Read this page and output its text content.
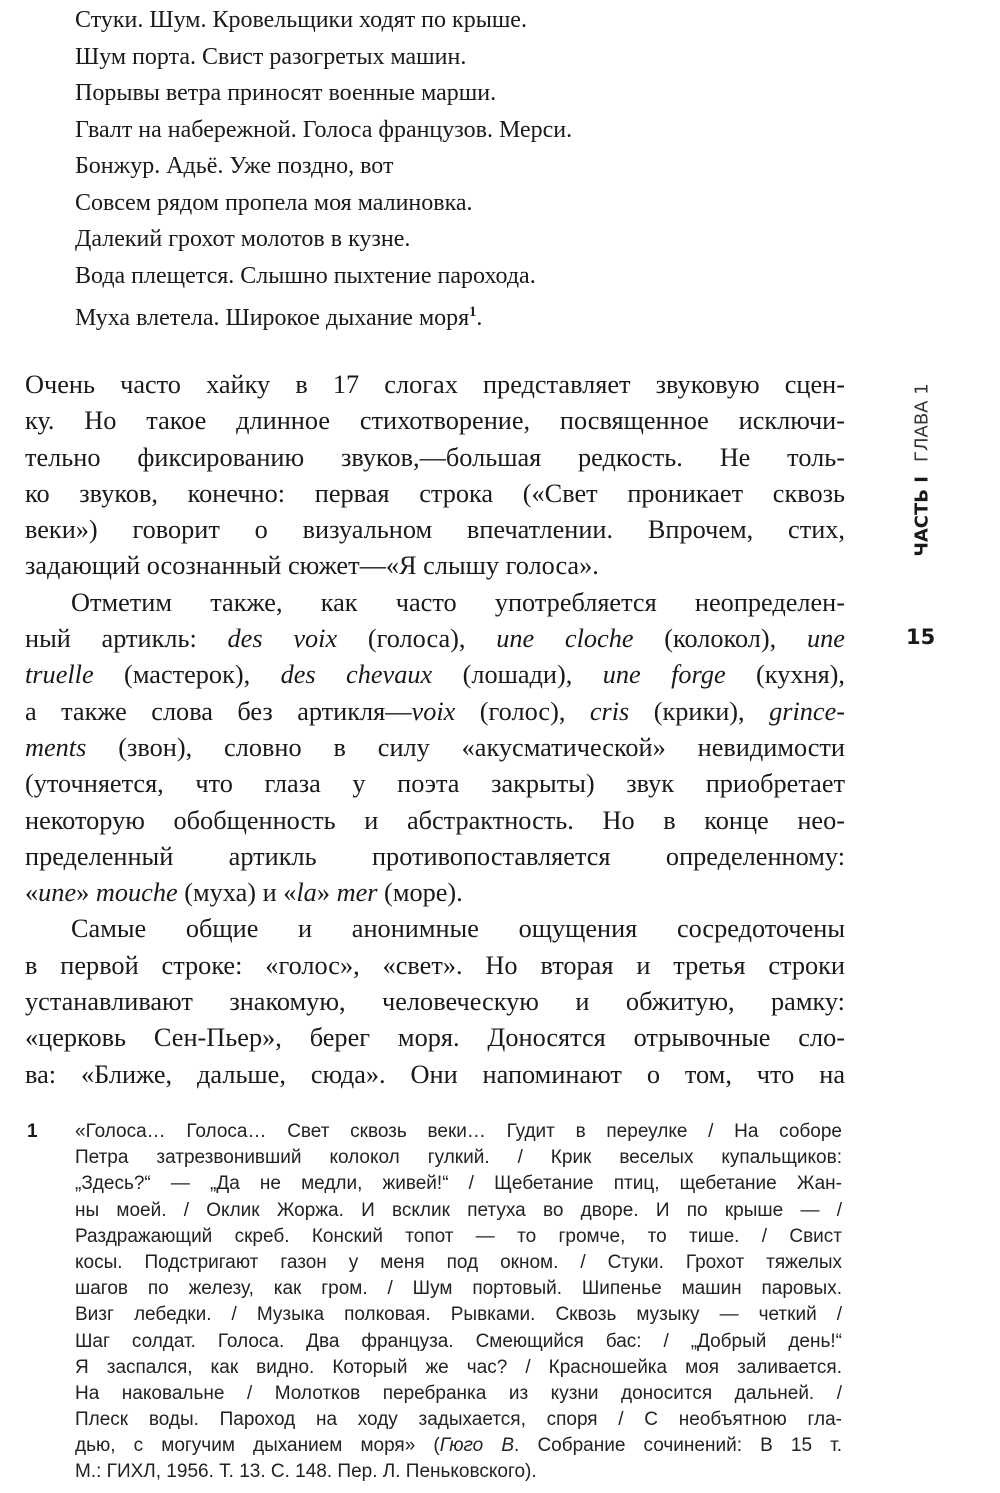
Стуки. Шум. Кровельщики ходят по крыше.
Шум порта. Свист разогретых машин.
Порывы ветра приносят военные марши.
Гвалт на набережной. Голоса французов. Мерси.
Бонжур. Адьё. Уже поздно, вот
Совсем рядом пропела моя малиновка.
Далекий грохот молотов в кузне.
Вода плещется. Слышно пыхтение парохода.
Муха влетела. Широкое дыхание моря$^1$.
Очень часто хайку в 17 слогах представляет звуковую сцен-
ку. Но такое длинное стихотворение, посвященное исключи-
тельно фиксированию звуков,—большая редкость. Не толь-
ко звуков, конечно: первая строка («Свет проникает сквозь
веки») говорит о визуальном впечатлении. Впрочем, стих,
задающий осознанный сюжет—«Я слышу голоса».
Отметим также, как часто употребляется неопределен-
ный артикль: des voix (голоса), une cloche (колокол), une
truelle (мастерок), des chevaux (лошади), une forge (кухня),
а также слова без артикля—voix (голос), cris (крики), grince-
ments (звон), словно в силу «акусматической» невидимости
(уточняется, что глаза у поэта закрыты) звук приобретает
некоторую обобщенность и абстрактность. Но в конце нео-
пределенный артикль противопоставляется определенному:
«une» mouche (муха) и «la» mer (море).
Самые общие и анонимные ощущения сосредоточены
в первой строке: «голос», «свет». Но вторая и третья строки
устанавливают знакомую, человеческую и обжитую, рамку:
«церковь Сен-Пьер», берег моря. Доносятся отрывочные сло-
ва: «Ближе, дальше, сюда». Они напоминают о том, что на
1 «Голоса… Голоса… Свет сквозь веки… Гудит в переулке / На соборе
Петра затрезвонивший колокол гулкий. / Крик веселых купальщиков:
„Здесь?“ — „Да не медли, живей!“ / Щебетание птиц, щебетание Жан-
ны моей. / Оклик Жоржа. И всклик петуха во дворе. И по крыше — /
Раздражающий скреб. Конский топот — то громче, то тише. / Свист
косы. Подстригают газон у меня под окном. / Стуки. Грохот тяжелых
шагов по железу, как гром. / Шум портовый. Шипенье машин паровых.
Визг лебедки. / Музыка полковая. Рывками. Сквозь музыку — четкий /
Шаг солдат. Голоса. Два француза. Смеющийся бас: / „Добрый день!“
Я заспался, как видно. Который же час? / Красношейка моя заливается.
На наковальне / Молотков перебранка из кузни доносится дальней. /
Плеск воды. Пароход на ходу задыхается, споря / С необъятною гла-
дью, с могучим дыханием моря» (Гюго В. Собрание сочинений: В 15 т.
М.: ГИХЛ, 1956. Т. 13. С. 148. Пер. Л. Пеньковского).
ЧАСТЬ IГЛАВА 1
15
